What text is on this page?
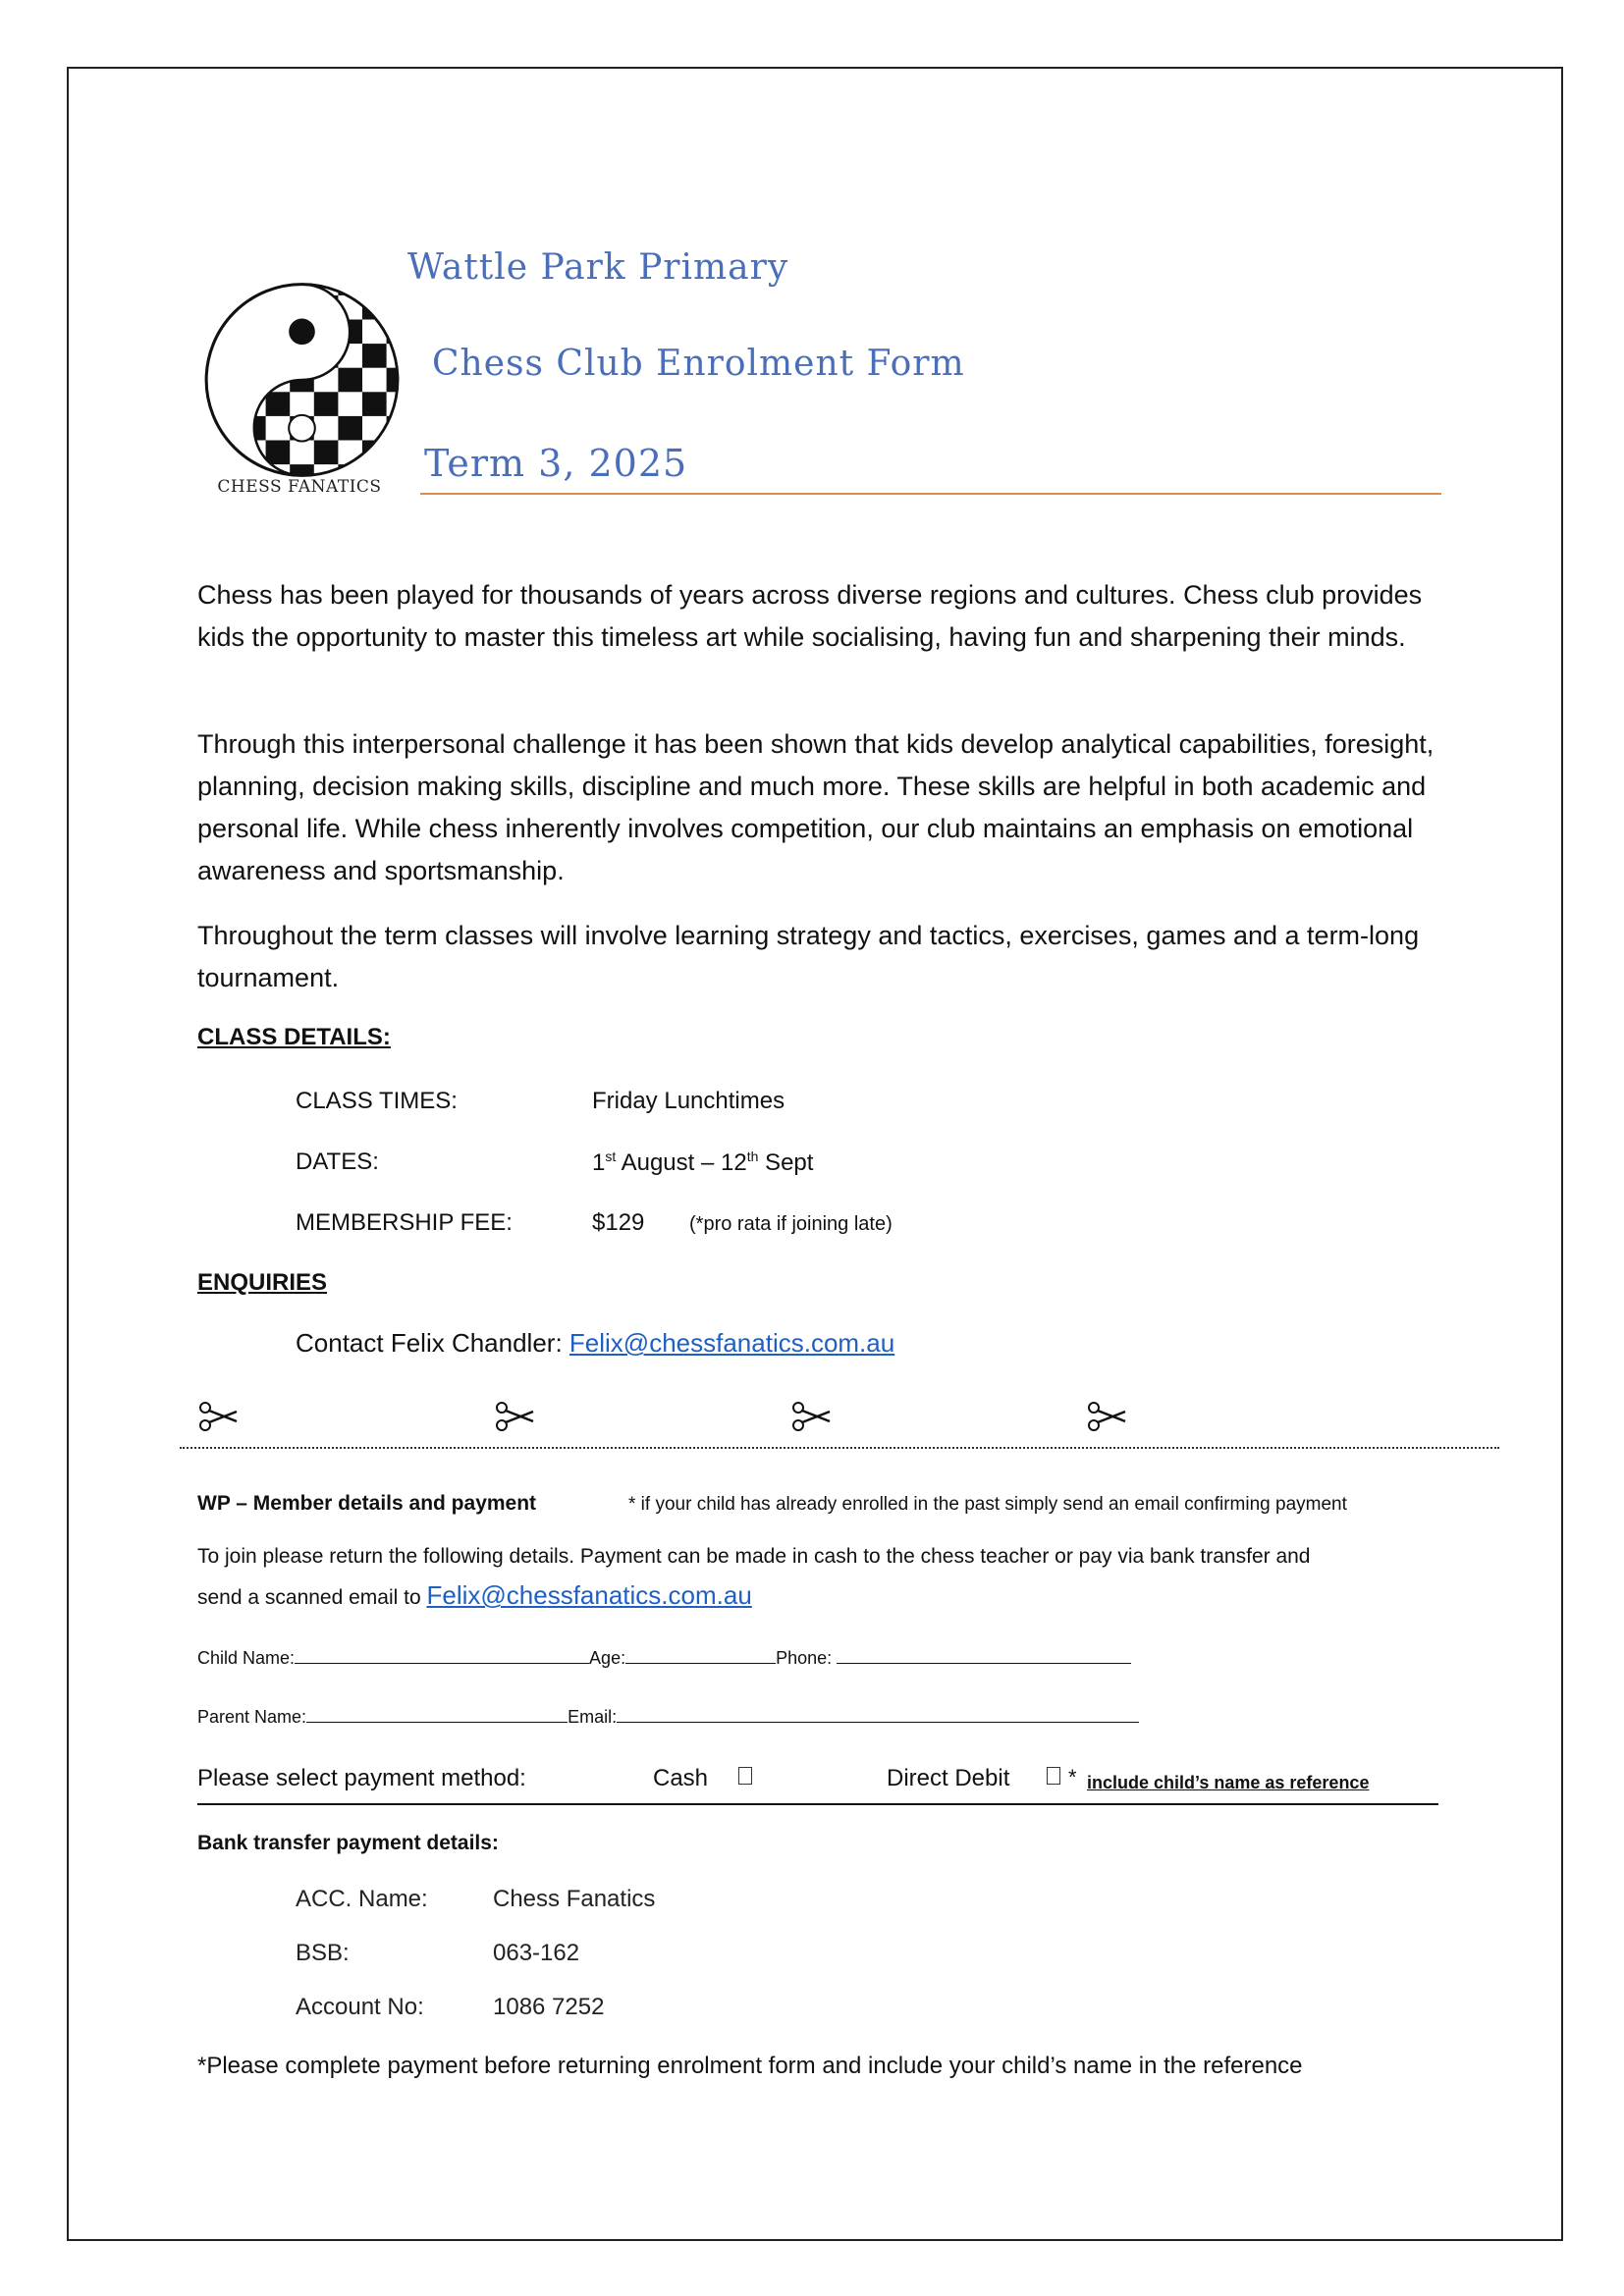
CHESS FANATICS
Wattle Park Primary
Chess Club Enrolment Form
Term 3, 2025
Chess has been played for thousands of years across diverse regions and cultures. Chess club provides kids the opportunity to master this timeless art while socialising, having fun and sharpening their minds.
Through this interpersonal challenge it has been shown that kids develop analytical capabilities, foresight, planning, decision making skills, discipline and much more. These skills are helpful in both academic and personal life. While chess inherently involves competition, our club maintains an emphasis on emotional awareness and sportsmanship.
Throughout the term classes will involve learning strategy and tactics, exercises, games and a term-long tournament.
CLASS DETAILS:
CLASS TIMES:	Friday Lunchtimes
DATES:	1st August – 12th Sept
MEMBERSHIP FEE:	$129 (*pro rata if joining late)
ENQUIRIES
Contact Felix Chandler: Felix@chessfanatics.com.au
WP – Member details and payment	* if your child has already enrolled in the past simply send an email confirming payment
To join please return the following details. Payment can be made in cash to the chess teacher or pay via bank transfer and
send a scanned email to Felix@chessfanatics.com.au
Child Name:	Age:	Phone:
Parent Name:	Email:
Please select payment method:	Cash	Direct Debit	* include child’s name as reference
Bank transfer payment details:
ACC. Name:	Chess Fanatics
BSB:	063-162
Account No:	1086 7252
*Please complete payment before returning enrolment form and include your child’s name in the reference
